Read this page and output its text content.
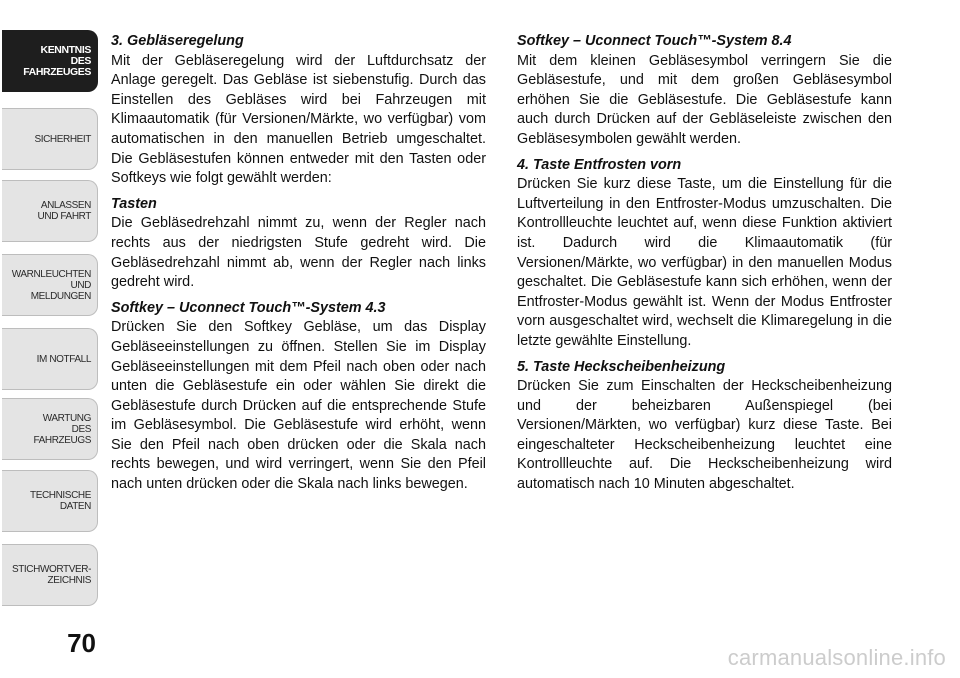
KENNTNIS
DES
FAHRZEUGES
SICHERHEIT
ANLASSEN
UND FAHRT
WARNLEUCHTEN
UND
MELDUNGEN
IM NOTFALL
WARTUNG
DES
FAHRZEUGS
TECHNISCHE
DATEN
STICHWORTVER-
ZEICHNIS
70
3. Gebläseregelung

Mit der Gebläseregelung wird der Luftdurchsatz der Anlage geregelt. Das Gebläse ist siebenstufig. Durch das Einstellen des Gebläses wird bei Fahrzeugen mit Klimaautomatik (für Versionen/Märkte, wo verfügbar) vom automatischen in den manuellen Betrieb umgeschaltet. Die Gebläsestufen können entweder mit den Tasten oder Softkeys wie folgt gewählt werden:

Tasten

Die Gebläsedrehzahl nimmt zu, wenn der Regler nach rechts aus der niedrigsten Stufe gedreht wird. Die Gebläsedrehzahl nimmt ab, wenn der Regler nach links gedreht wird.

Softkey – Uconnect Touch™-System 4.3

Drücken Sie den Softkey Gebläse, um das Display Gebläseeinstellungen zu öffnen. Stellen Sie im Display Gebläseeinstellungen mit dem Pfeil nach oben oder nach unten die Gebläsestufe ein oder wählen Sie direkt die Gebläsestufe durch Drücken auf die entsprechende Stufe im Gebläsesymbol. Die Gebläsestufe wird erhöht, wenn Sie den Pfeil nach oben drücken oder die Skala nach rechts bewegen, und wird verringert, wenn Sie den Pfeil nach unten drücken oder die Skala nach links bewegen.

Softkey – Uconnect Touch™-System 8.4

Mit dem kleinen Gebläsesymbol verringern Sie die Gebläsestufe, und mit dem großen Gebläsesymbol erhöhen Sie die Gebläsestufe. Die Gebläsestufe kann auch durch Drücken auf der Gebläseleiste zwischen den Gebläsesymbolen gewählt werden.

4. Taste Entfrosten vorn

Drücken Sie kurz diese Taste, um die Einstellung für die Luftverteilung in den Entfroster-Modus umzuschalten. Die Kontrollleuchte leuchtet auf, wenn diese Funktion aktiviert ist. Dadurch wird die Klimaautomatik (für Versionen/Märkte, wo verfügbar) in den manuellen Modus geschaltet. Die Gebläsestufe kann sich erhöhen, wenn der Entfroster-Modus gewählt ist. Wenn der Modus Entfroster vorn ausgeschaltet wird, wechselt die Klimaregelung in die letzte gewählte Einstellung.

5. Taste Heckscheibenheizung

Drücken Sie zum Einschalten der Heckscheibenheizung und der beheizbaren Außenspiegel (bei Versionen/Märkten, wo verfügbar) kurz diese Taste. Bei eingeschalteter Heckscheibenheizung leuchtet eine Kontrollleuchte auf. Die Heckscheibenheizung wird automatisch nach 10 Minuten abgeschaltet.

carmanualsonline.info
